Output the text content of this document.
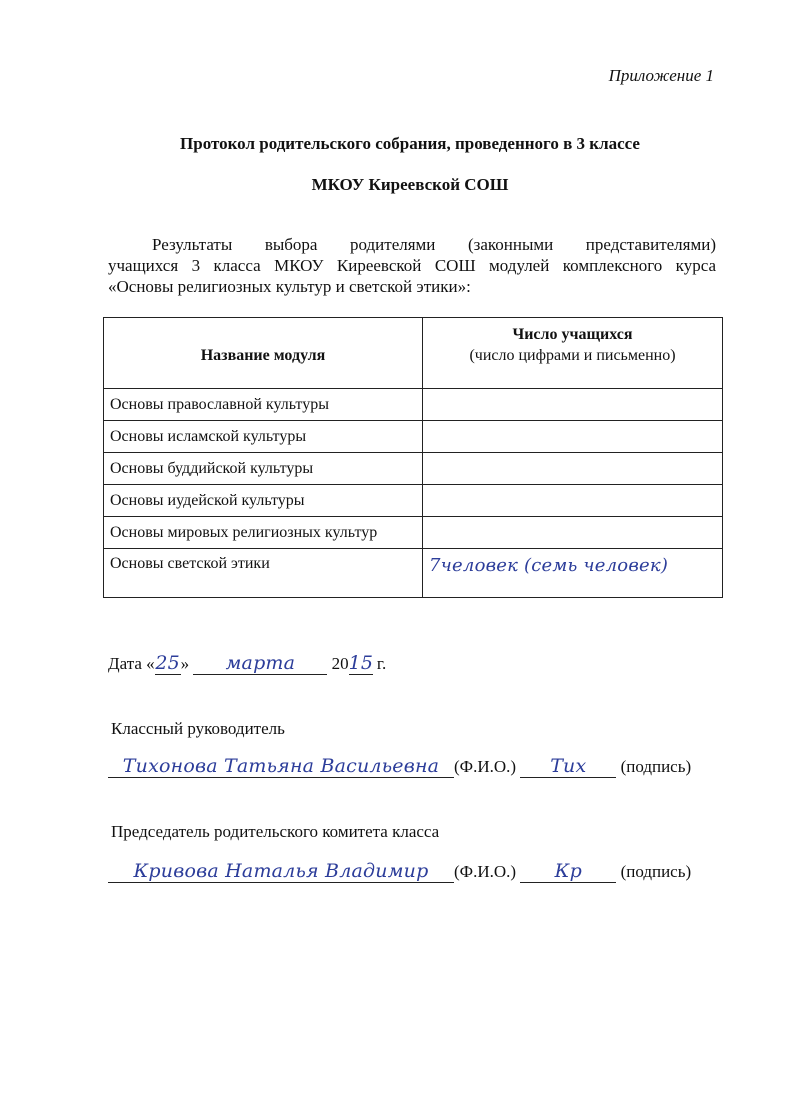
Приложение 1
Протокол родительского собрания, проведенного в 3 классе
МКОУ Киреевской СОШ
Результаты выбора родителями (законными представителями)
учащихся 3 класса МКОУ Киреевской СОШ модулей комплексного курса
«Основы религиозных культур и светской этики»:
Название модуля	Число учащихся
(число цифрами и письменно)

Основы православной культуры	
Основы исламской культуры	
Основы буддийской культуры	
Основы иудейской культуры	
Основы мировых религиозных культур	
Основы светской этики	7человек (семь человек)
Дата «25» марта 2015 г.
Классный руководитель
Тихонова Татьяна Васильевна (Ф.И.О.) Тих (подпись)
Председатель родительского комитета класса
Кривова Наталья Владимир (Ф.И.О.) Кр (подпись)
